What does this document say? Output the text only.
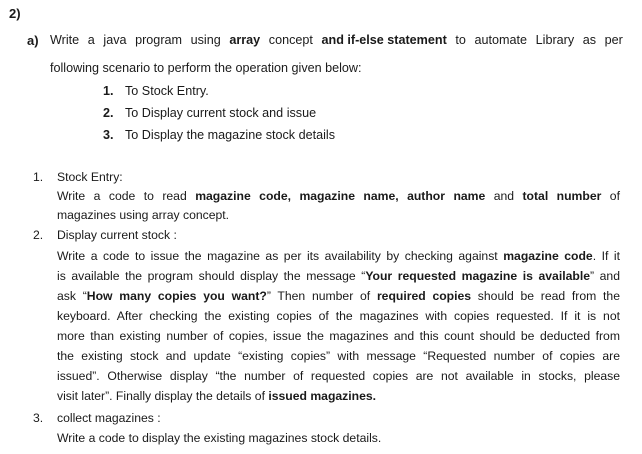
2)
a) Write a java program using array concept and if-else statement to automate Library as per
following scenario to perform the operation given below:
1. To Stock Entry.
2. To Display current stock and issue
3. To Display the magazine stock details
1. Stock Entry:
Write a code to read magazine code, magazine name, author name and total number of
magazines using array concept.
2. Display current stock :
Write a code to issue the magazine as per its availability by checking against magazine code. If it
is available the program should display the message “Your requested magazine is available” and
ask “How many copies you want?” Then number of required copies should be read from the
keyboard. After checking the existing copies of the magazines with copies requested. If it is not
more than existing number of copies, issue the magazines and this count should be deducted from
the existing stock and update “existing copies” with message “Requested number of copies are
issued”. Otherwise display “the number of requested copies are not available in stocks, please
visit later”. Finally display the details of issued magazines.
3. collect magazines :
Write a code to display the existing magazines stock details.
